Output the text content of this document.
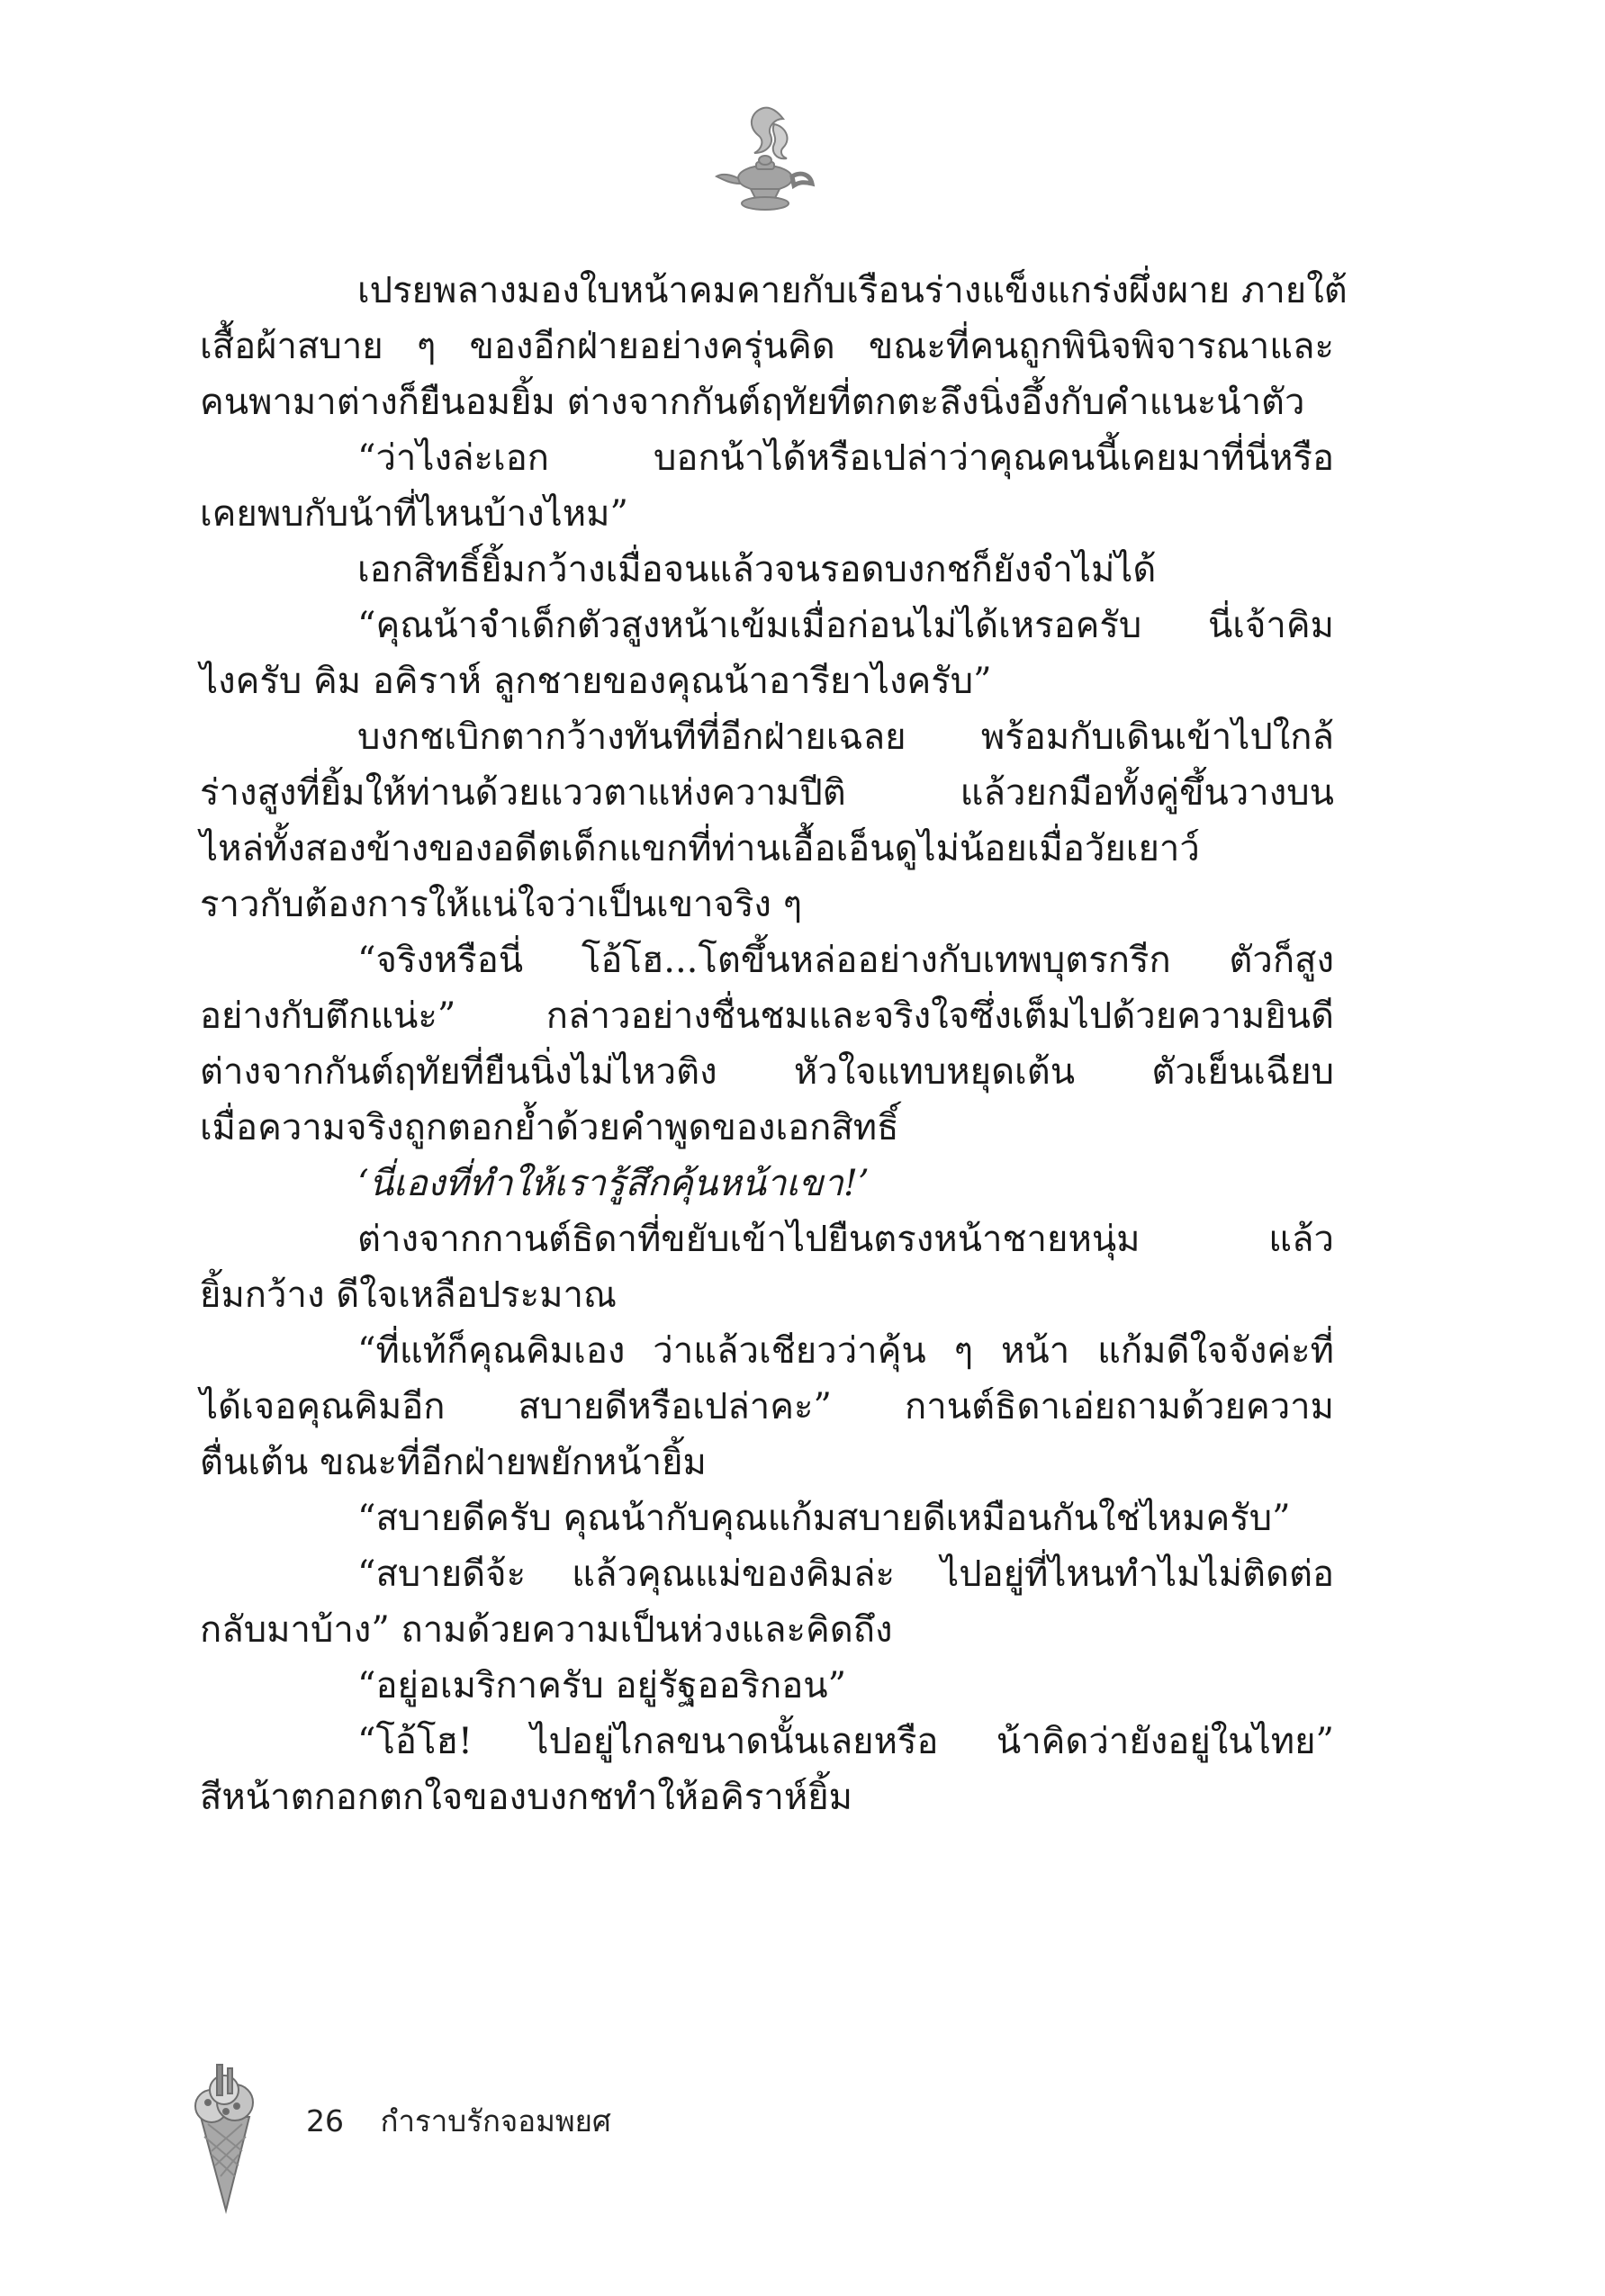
เปรยพลางมองใบหน้าคมคายกับเรือนร่างแข็งแกร่งผึ่งผาย ภายใต้
เสื้อผ้าสบาย ๆ ของอีกฝ่ายอย่างครุ่นคิด ขณะที่คนถูกพินิจพิจารณาและ
คนพามาต่างก็ยืนอมยิ้ม ต่างจากกันต์ฤทัยที่ตกตะลึงนิ่งอึ้งกับคำแนะนำตัว
“ว่าไงล่ะเอก บอกน้าได้หรือเปล่าว่าคุณคนนี้เคยมาที่นี่หรือ
เคยพบกับน้าที่ไหนบ้างไหม”
เอกสิทธิ์ยิ้มกว้างเมื่อจนแล้วจนรอดบงกชก็ยังจำไม่ได้
“คุณน้าจำเด็กตัวสูงหน้าเข้มเมื่อก่อนไม่ได้เหรอครับ นี่เจ้าคิม
ไงครับ คิม อคิราห์ ลูกชายของคุณน้าอารียาไงครับ”
บงกชเบิกตากว้างทันทีที่อีกฝ่ายเฉลย พร้อมกับเดินเข้าไปใกล้
ร่างสูงที่ยิ้มให้ท่านด้วยแววตาแห่งความปีติ แล้วยกมือทั้งคู่ขึ้นวางบน
ไหล่ทั้งสองข้างของอดีตเด็กแขกที่ท่านเอื้อเอ็นดูไม่น้อยเมื่อวัยเยาว์
ราวกับต้องการให้แน่ใจว่าเป็นเขาจริง ๆ
“จริงหรือนี่ โอ้โฮ...โตขึ้นหล่ออย่างกับเทพบุตรกรีก ตัวก็สูง
อย่างกับตึกแน่ะ” กล่าวอย่างชื่นชมและจริงใจซึ่งเต็มไปด้วยความยินดี
ต่างจากกันต์ฤทัยที่ยืนนิ่งไม่ไหวติง หัวใจแทบหยุดเต้น ตัวเย็นเฉียบ
เมื่อความจริงถูกตอกย้ำด้วยคำพูดของเอกสิทธิ์
‘นี่เองที่ทำให้เรารู้สึกคุ้นหน้าเขา!’
ต่างจากกานต์ธิดาที่ขยับเข้าไปยืนตรงหน้าชายหนุ่ม แล้ว
ยิ้มกว้าง ดีใจเหลือประมาณ
“ที่แท้ก็คุณคิมเอง ว่าแล้วเชียวว่าคุ้น ๆ หน้า แก้มดีใจจังค่ะที่
ได้เจอคุณคิมอีก สบายดีหรือเปล่าคะ” กานต์ธิดาเอ่ยถามด้วยความ
ตื่นเต้น ขณะที่อีกฝ่ายพยักหน้ายิ้ม
“สบายดีครับ คุณน้ากับคุณแก้มสบายดีเหมือนกันใช่ไหมครับ”
“สบายดีจ้ะ แล้วคุณแม่ของคิมล่ะ ไปอยู่ที่ไหนทำไมไม่ติดต่อ
กลับมาบ้าง” ถามด้วยความเป็นห่วงและคิดถึง
“อยู่อเมริกาครับ อยู่รัฐออริกอน”
“โอ้โฮ! ไปอยู่ไกลขนาดนั้นเลยหรือ น้าคิดว่ายังอยู่ในไทย”
สีหน้าตกอกตกใจของบงกชทำให้อคิราห์ยิ้ม
26 กำราบรักจอมพยศ
